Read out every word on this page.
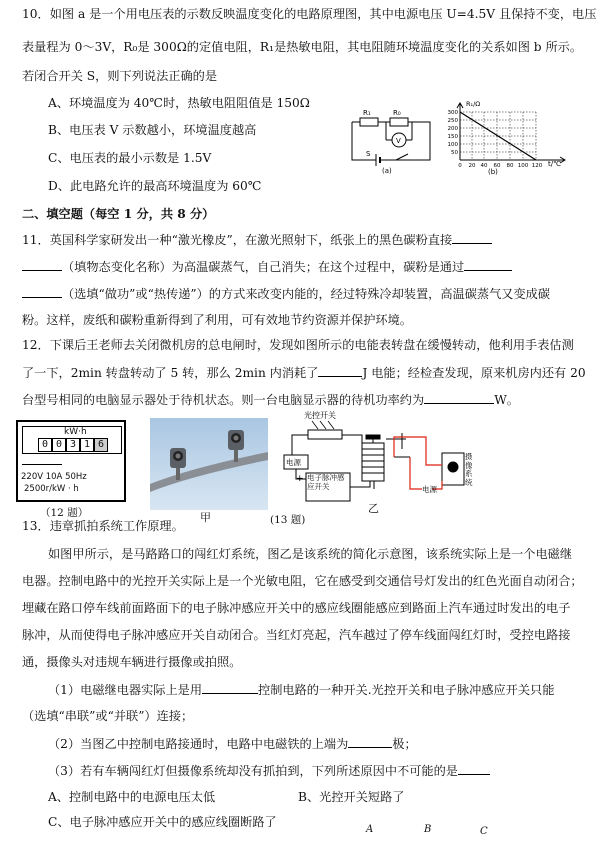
10．如图 a 是一个用电压表的示数反映温度变化的电路原理图，其中电源电压 U=4.5V 且保持不变，电压
表量程为 0～3V，R₀是 300Ω的定值电阻，R₁是热敏电阻，其电阻随环境温度变化的关系如图 b 所示。
若闭合开关 S，则下列说法正确的是
A、环境温度为 40℃时，热敏电阻阻值是 150Ω
B、电压表 V 示数越小，环境温度越高
C、电压表的最小示数是 1.5V
D、此电路允许的最高环境温度为 60℃
R₁	R₀
V
S
(a)
R₁/Ω
300
250
200
150
100
50
0 20 40 60 80 100 120 t/℃
(b)
二、填空题（每空 1 分，共 8 分）
11．英国科学家研发出一种“激光橡皮”，在激光照射下，纸张上的黑色碳粉直接
（填物态变化名称）为高温碳蒸气，自己消失；在这个过程中，碳粉是通过
（选填“做功”或“热传递”）的方式来改变内能的，经过特殊冷却装置，高温碳蒸气又变成碳
粉。这样，废纸和碳粉重新得到了利用，可有效地节约资源并保护环境。
12．下课后王老师去关闭微机房的总电闸时，发现如图所示的电能表转盘在缓慢转动，他利用手表估测
了一下，2min 转盘转动了 5 转，那么 2min 内消耗了	J 电能；经检查发现，原来机房内还有 20
台型号相同的电脑显示器处于待机状态。则一台电脑显示器的待机功率约为	W。
kW·h
0 0 3 1 6
220V 10A 50Hz
2500r/kW · h
（12 题）	甲
光控开关
电源
+ 电子脉冲感应开关	电源
摄像系统
乙
(13 题)
13．违章抓拍系统工作原理。
如图甲所示，是马路路口的闯红灯系统，图乙是该系统的简化示意图，该系统实际上是一个电磁继
电器。控制电路中的光控开关实际上是一个光敏电阻，它在感受到交通信号灯发出的红色光面自动闭合；
埋藏在路口停车线前面路面下的电子脉冲感应开关中的感应线圈能感应到路面上汽车通过时发出的电子
脉冲，从而使得电子脉冲感应开关自动闭合。当红灯亮起，汽车越过了停车线面闯红灯时，受控电路接
通，摄像头对违规车辆进行摄像或拍照。
（1）电磁继电器实际上是用	控制电路的一种开关.光控开关和电子脉冲感应开关只能
（选填“串联”或“并联”）连接；
（2）当图乙中控制电路接通时，电路中电磁铁的上端为	极；
（3）若有车辆闯红灯但摄像系统却没有抓拍到，下列所述原因中不可能的是
A、控制电路中的电源电压太低	B、光控开关短路了
C、电子脉冲感应开关中的感应线圈断路了
A	B	C
